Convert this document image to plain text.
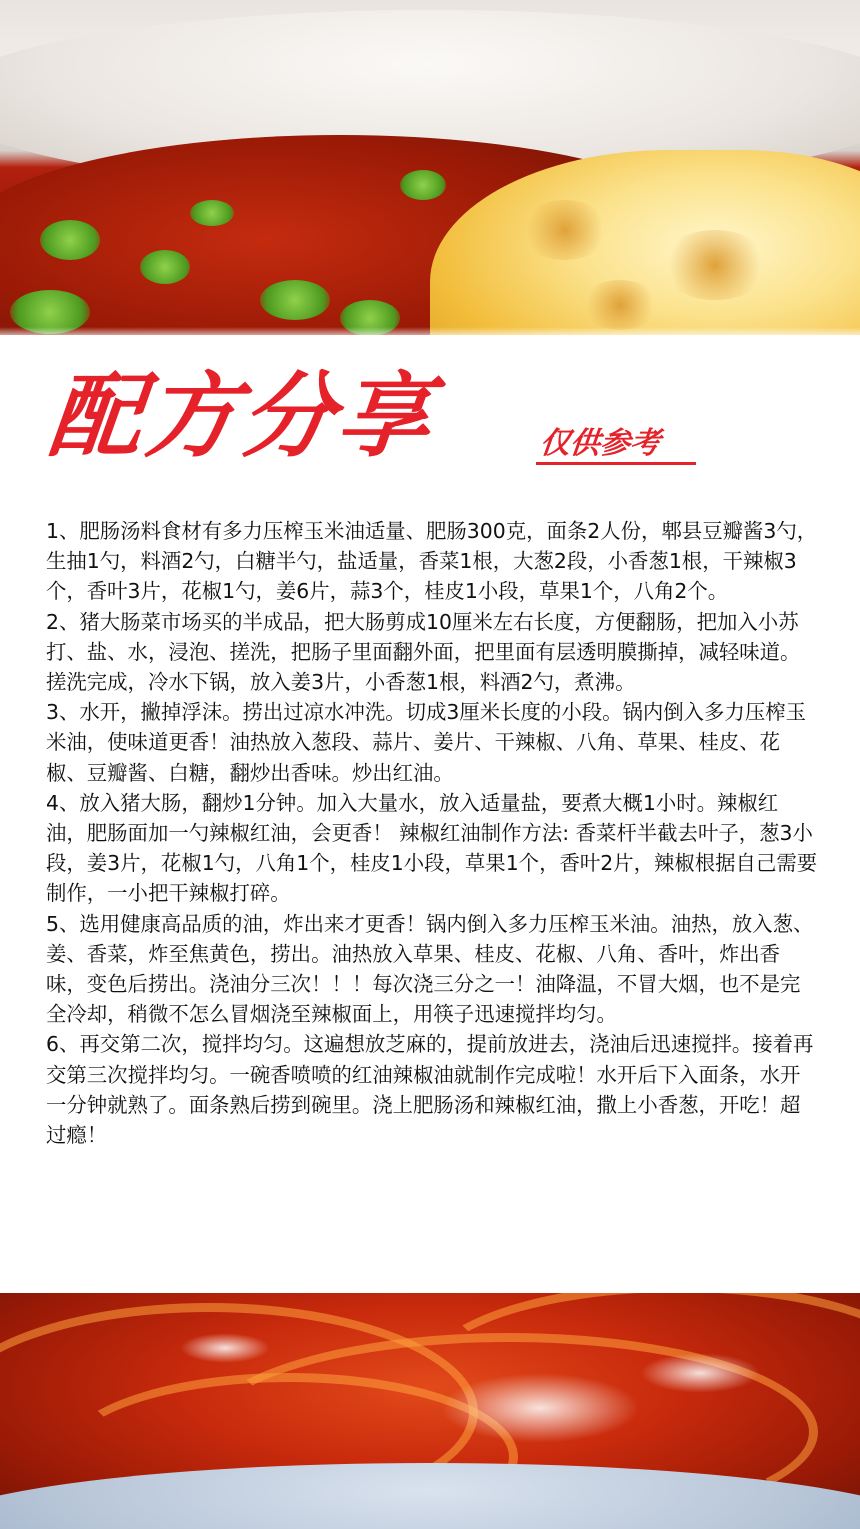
配方分享	仅供参考

1、肥肠汤料食材有多力压榨玉米油适量、肥肠300克，面条2人份，郫县豆瓣酱3勺，生抽1勺，料酒2勺，白糖半勺，盐适量，香菜1根，大葱2段，小香葱1根，干辣椒3个，香叶3片，花椒1勺，姜6片，蒜3个，桂皮1小段，草果1个，八角2个。

2、猪大肠菜市场买的半成品，把大肠剪成10厘米左右长度，方便翻肠，把加入小苏打、盐、水，浸泡、搓洗，把肠子里面翻外面，把里面有层透明膜撕掉，减轻味道。搓洗完成，冷水下锅，放入姜3片，小香葱1根，料酒2勺，煮沸。

3、水开，撇掉浮沫。捞出过凉水冲洗。切成3厘米长度的小段。锅内倒入多力压榨玉米油，使味道更香！油热放入葱段、蒜片、姜片、干辣椒、八角、草果、桂皮、花椒、豆瓣酱、白糖，翻炒出香味。炒出红油。

4、放入猪大肠，翻炒1分钟。加入大量水，放入适量盐，要煮大概1小时。辣椒红油，肥肠面加一勺辣椒红油，会更香！ 辣椒红油制作方法: 香菜杆半截去叶子，葱3小段，姜3片，花椒1勺，八角1个，桂皮1小段，草果1个，香叶2片，辣椒根据自己需要制作，一小把干辣椒打碎。

5、选用健康高品质的油，炸出来才更香！锅内倒入多力压榨玉米油。油热，放入葱、姜、香菜，炸至焦黄色，捞出。油热放入草果、桂皮、花椒、八角、香叶，炸出香味，变色后捞出。浇油分三次！！！每次浇三分之一！油降温，不冒大烟，也不是完全冷却，稍微不怎么冒烟浇至辣椒面上，用筷子迅速搅拌均匀。

6、再交第二次，搅拌均匀。这遍想放芝麻的，提前放进去，浇油后迅速搅拌。接着再交第三次搅拌均匀。一碗香喷喷的红油辣椒油就制作完成啦！水开后下入面条，水开一分钟就熟了。面条熟后捞到碗里。浇上肥肠汤和辣椒红油，撒上小香葱，开吃！超过瘾！
